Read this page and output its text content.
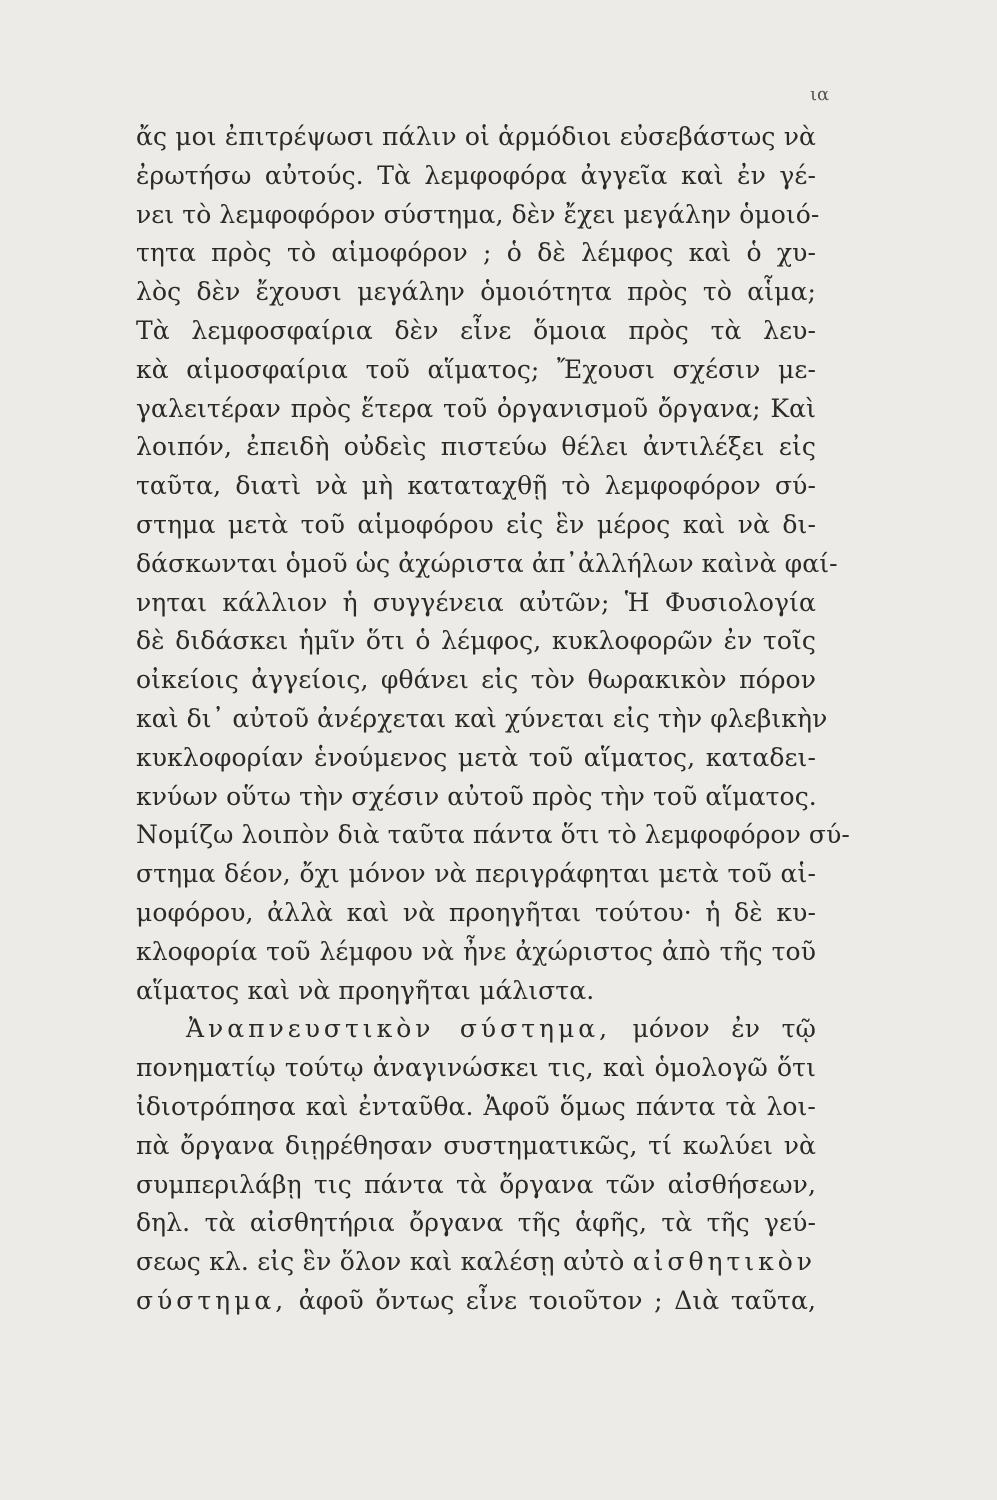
ια
ἄς μοι ἐπιτρέψωσι πάλιν οἱ ἁρμόδιοι εὐσεβάστως νὰ
ἐρωτήσω αὐτούς. Τὰ λεμφοφόρα ἀγγεῖα καὶ ἐν γέ-
νει τὸ λεμφοφόρον σύστημα, δὲν ἔχει μεγάλην ὁμοιό-
τητα πρὸς τὸ αἱμοφόρον ; ὁ δὲ λέμφος καὶ ὁ χυ-
λὸς δὲν ἔχουσι μεγάλην ὁμοιότητα πρὸς τὸ αἷμα;
Τὰ λεμφοσφαίρια δὲν εἶνε ὅμοια πρὸς τὰ λευ-
κὰ αἱμοσφαίρια τοῦ αἵματος; Ἔχουσι σχέσιν με-
γαλειτέραν πρὸς ἕτερα τοῦ ὀργανισμοῦ ὄργανα; Καὶ
λοιπόν, ἐπειδὴ οὐδεὶς πιστεύω θέλει ἀντιλέξει εἰς
ταῦτα, διατὶ νὰ μὴ καταταχθῇ τὸ λεμφοφόρον σύ-
στημα μετὰ τοῦ αἱμοφόρου εἰς ἓν μέρος καὶ νὰ δι-
δάσκωνται ὁμοῦ ὡς ἀχώριστα ἀπ᾽ἀλλήλων καὶνὰ φαί-
νηται κάλλιον ἡ συγγένεια αὐτῶν; Ἡ Φυσιολογία
δὲ διδάσκει ἡμῖν ὅτι ὁ λέμφος, κυκλοφορῶν ἐν τοῖς
οἰκείοις ἀγγείοις, φθάνει εἰς τὸν θωρακικὸν πόρον
καὶ δι᾽ αὐτοῦ ἀνέρχεται καὶ χύνεται εἰς τὴν φλεβικὴν
κυκλοφορίαν ἑνούμενος μετὰ τοῦ αἵματος, καταδει-
κνύων οὕτω τὴν σχέσιν αὐτοῦ πρὸς τὴν τοῦ αἵματος.
Νομίζω λοιπὸν διὰ ταῦτα πάντα ὅτι τὸ λεμφοφόρον σύ-
στημα δέον, ὄχι μόνον νὰ περιγράφηται μετὰ τοῦ αἱ-
μοφόρου, ἀλλὰ καὶ νὰ προηγῆται τούτου· ἡ δὲ κυ-
κλοφορία τοῦ λέμφου νὰ ἦνε ἀχώριστος ἀπὸ τῆς τοῦ
αἵματος καὶ νὰ προηγῆται μάλιστα.
Ἀναπνευστικὸν σύστημα, μόνον ἐν τῷ
πονηματίῳ τούτῳ ἀναγινώσκει τις, καὶ ὁμολογῶ ὅτι
ἰδιοτρόπησα καὶ ἐνταῦθα. Ἀφοῦ ὅμως πάντα τὰ λοι-
πὰ ὄργανα διῃρέθησαν συστηματικῶς, τί κωλύει νὰ
συμπεριλάβῃ τις πάντα τὰ ὄργανα τῶν αἰσθήσεων,
δηλ. τὰ αἰσθητήρια ὄργανα τῆς ἁφῆς, τὰ τῆς γεύ-
σεως κλ. εἰς ἓν ὅλον καὶ καλέσῃ αὐτὸ αἰσθητικὸν
σύστημα, ἀφοῦ ὄντως εἶνε τοιοῦτον ; Διὰ ταῦτα,
